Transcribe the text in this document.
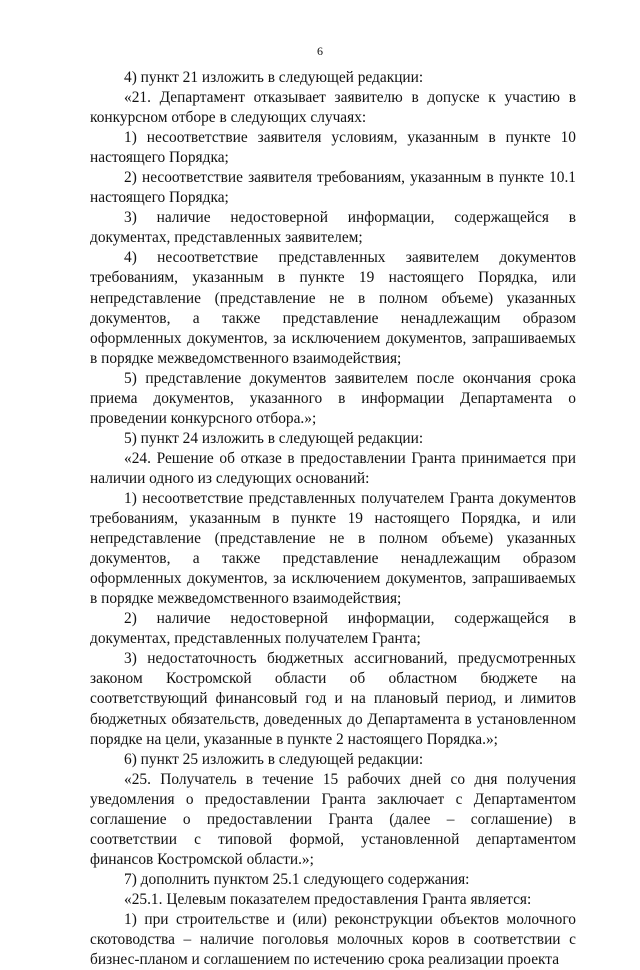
6

4) пункт 21 изложить в следующей редакции:

«21. Департамент отказывает заявителю в допуске к участию в конкурсном отборе в следующих случаях:

1) несоответствие заявителя условиям, указанным в пункте 10 настоящего Порядка;

2) несоответствие заявителя требованиям, указанным в пункте 10.1 настоящего Порядка;

3) наличие недостоверной информации, содержащейся в документах, представленных заявителем;

4) несоответствие представленных заявителем документов требованиям, указанным в пункте 19 настоящего Порядка, или непредставление (представление не в полном объеме) указанных документов, а также представление ненадлежащим образом оформленных документов, за исключением документов, запрашиваемых в порядке межведомственного взаимодействия;

5) представление документов заявителем после окончания срока приема документов, указанного в информации Департамента о проведении конкурсного отбора.»;

5) пункт 24 изложить в следующей редакции:

«24. Решение об отказе в предоставлении Гранта принимается при наличии одного из следующих оснований:

1) несоответствие представленных получателем Гранта документов требованиям, указанным в пункте 19 настоящего Порядка, и или непредставление (представление не в полном объеме) указанных документов, а также представление ненадлежащим образом оформленных документов, за исключением документов, запрашиваемых в порядке межведомственного взаимодействия;

2) наличие недостоверной информации, содержащейся в документах, представленных получателем Гранта;

3) недостаточность бюджетных ассигнований, предусмотренных законом Костромской области об областном бюджете на соответствующий финансовый год и на плановый период, и лимитов бюджетных обязательств, доведенных до Департамента в установленном порядке на цели, указанные в пункте 2 настоящего Порядка.»;

6) пункт 25 изложить в следующей редакции:

«25. Получатель в течение 15 рабочих дней со дня получения уведомления о предоставлении Гранта заключает с Департаментом соглашение о предоставлении Гранта (далее – соглашение) в соответствии с типовой формой, установленной департаментом финансов Костромской области.»;

7) дополнить пунктом 25.1 следующего содержания:

«25.1. Целевым показателем предоставления Гранта является:

1) при строительстве и (или) реконструкции объектов молочного скотоводства – наличие поголовья молочных коров в соответствии с бизнес-планом и соглашением по истечению срока реализации проекта
